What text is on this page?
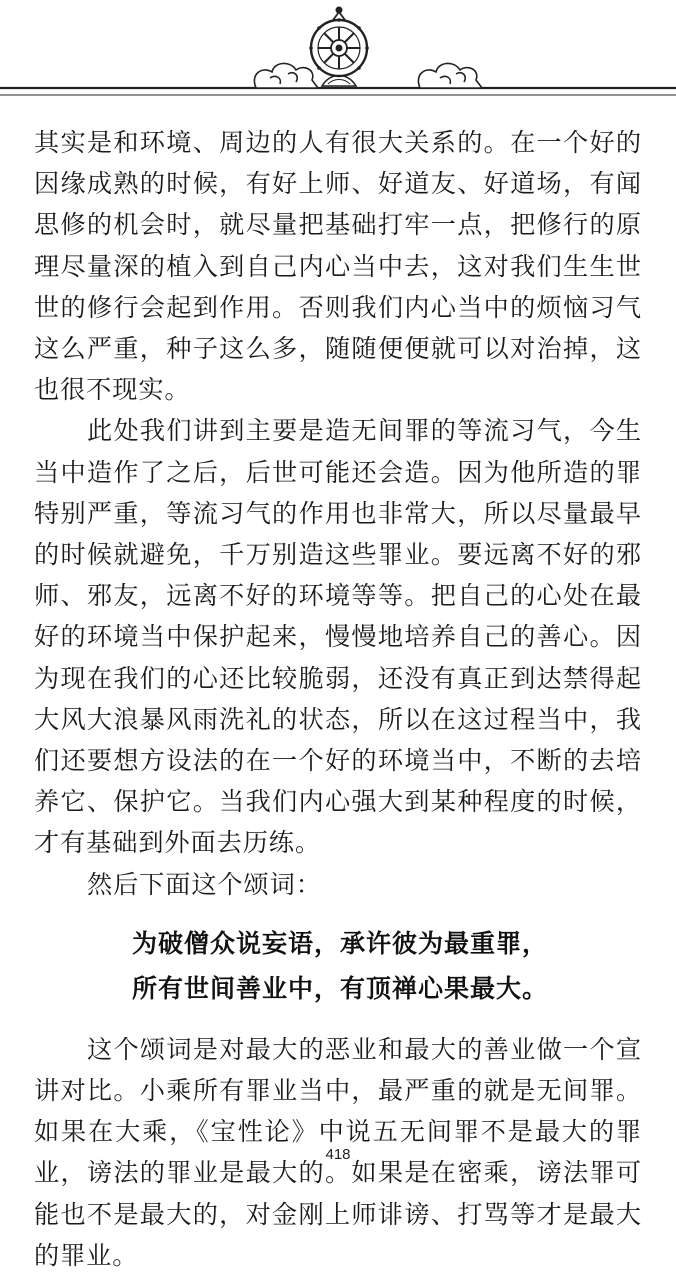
其实是和环境、周边的人有很大关系的。在一个好的因缘成熟的时候，有好上师、好道友、好道场，有闻思修的机会时，就尽量把基础打牢一点，把修行的原理尽量深的植入到自己内心当中去，这对我们生生世世的修行会起到作用。否则我们内心当中的烦恼习气这么严重，种子这么多，随随便便就可以对治掉，这也很不现实。

此处我们讲到主要是造无间罪的等流习气，今生当中造作了之后，后世可能还会造。因为他所造的罪特别严重，等流习气的作用也非常大，所以尽量最早的时候就避免，千万别造这些罪业。要远离不好的邪师、邪友，远离不好的环境等等。把自己的心处在最好的环境当中保护起来，慢慢地培养自己的善心。因为现在我们的心还比较脆弱，还没有真正到达禁得起大风大浪暴风雨洗礼的状态，所以在这过程当中，我们还要想方设法的在一个好的环境当中，不断的去培养它、保护它。当我们内心强大到某种程度的时候，才有基础到外面去历练。

然后下面这个颂词：

为破僧众说妄语，承许彼为最重罪，
所有世间善业中，有顶禅心果最大。

这个颂词是对最大的恶业和最大的善业做一个宣讲对比。小乘所有罪业当中，最严重的就是无间罪。如果在大乘，《宝性论》中说五无间罪不是最大的罪业，谤法的罪业是最大的。如果是在密乘，谤法罪可能也不是最大的，对金刚上师诽谤、打骂等才是最大的罪业。

418
